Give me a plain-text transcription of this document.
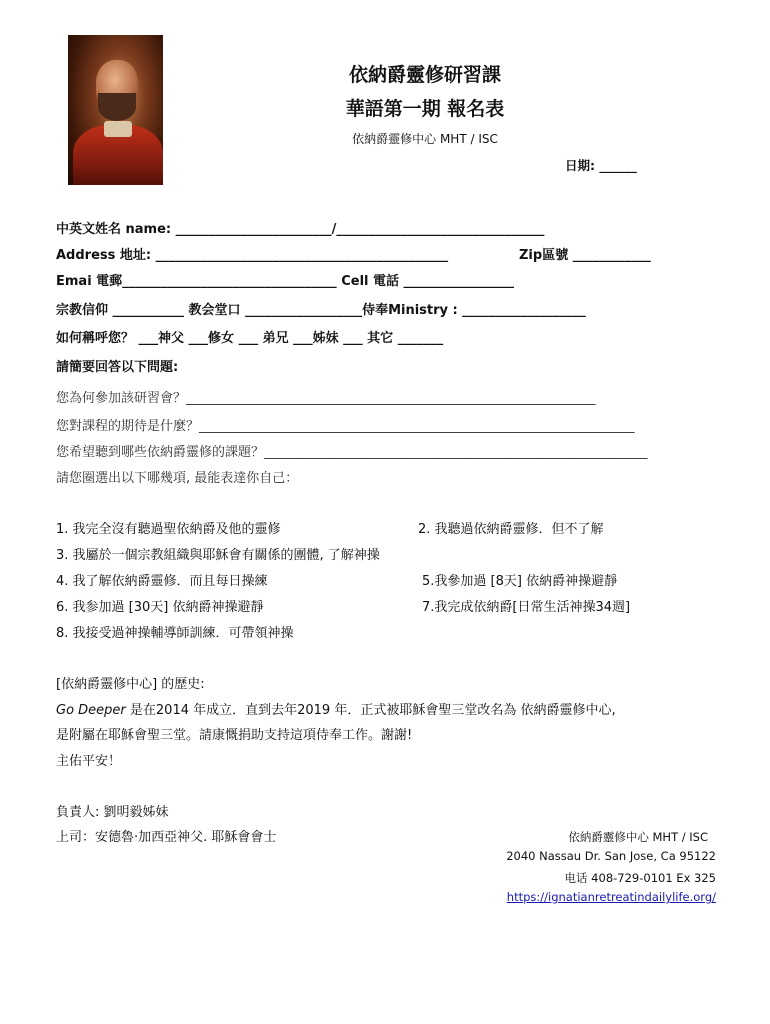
依納爵靈修研習課
華語第一期 報名表
依納爵靈修中心 MHT / ISC
日期: ______
中英文姓名 name: ________________________/________________________________
Address 地址: _____________________________________________	Zip區號 ____________
Emai 電郵_________________________________ Cell 電話 _________________
宗教信仰 ___________ 教会堂口 __________________侍奉Ministry : ___________________
如何稱呼您？ ___神父 ___修女 ___ 弟兄 ___姊妹 ___ 其它 _______
請簡要回答以下問題:
您為何參加該研習會？_______________________________________________________________
您對課程的期待是什麼？___________________________________________________________________
您希望聽到哪些依納爵靈修的課題？___________________________________________________________
請您圈選出以下哪幾項, 最能表達你自己：
1. 我完全沒有聽過聖依納爵及他的靈修	2. 我聽過依納爵靈修．但不了解
3. 我屬於一個宗教組織與耶穌會有關係的團體, 了解神操
4. 我了解依納爵靈修．而且每日操練	5.我參加過 [8天] 依納爵神操避靜
6. 我参加過 [30天] 依納爵神操避靜	7.我完成依納爵[日常生活神操34週]
8. 我接受過神操輔導師訓練．可帶領神操
[依納爵靈修中心] 的歷史:
Go Deeper 是在2014 年成立．直到去年2019 年．正式被耶穌會聖三堂改名為 依納爵靈修中心,
是附屬在耶穌會聖三堂。請康慨捐助支持這項侍奉工作。謝謝!
主佑平安！
負責人: 劉明毅姊妹
上司：安德魯·加西亞神父. 耶穌會會士	依納爵靈修中心 MHT / ISC
2040 Nassau Dr. San Jose, Ca 95122
电话 408-729-0101 Ex 325
https://ignatianretreatindailylife.org/
